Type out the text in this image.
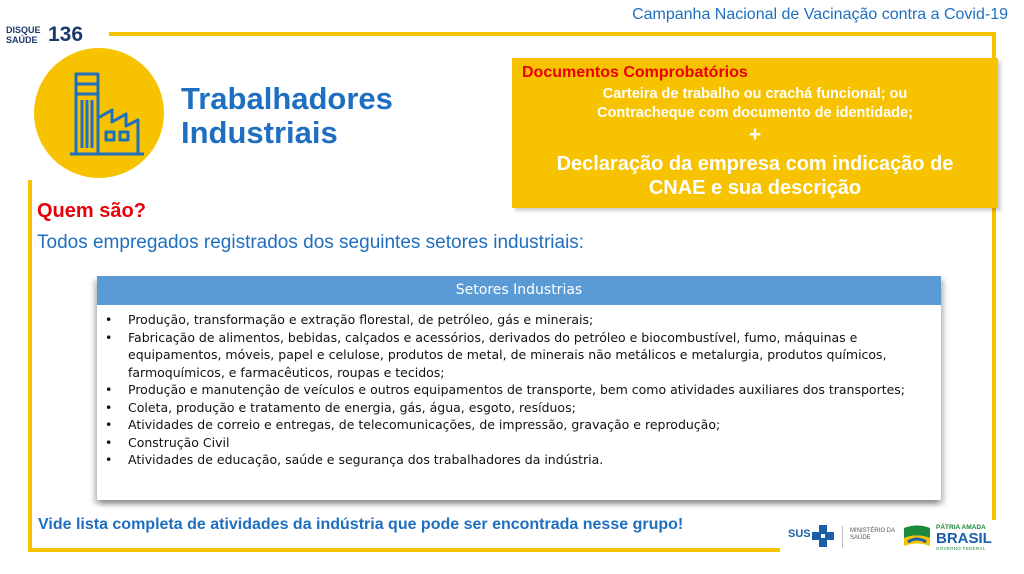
Campanha Nacional de Vacinação contra a Covid-19
DISQUE
SAÚDE 136
Trabalhadores
Industriais
Documentos Comprobatórios
Carteira de trabalho ou crachá funcional; ou
Contracheque com documento de identidade;
+
Declaração da empresa com indicação de
CNAE e sua descrição
Quem são?
Todos empregados registrados dos seguintes setores industriais:
Setores Industrias
• Produção, transformação e extração florestal, de petróleo, gás e minerais;
• Fabricação de alimentos, bebidas, calçados e acessórios, derivados do petróleo e biocombustível, fumo, máquinas e equipamentos, móveis, papel e celulose, produtos de metal, de minerais não metálicos e metalurgia, produtos químicos, farmoquímicos, e farmacêuticos, roupas e tecidos;
• Produção e manutenção de veículos e outros equipamentos de transporte, bem como atividades auxiliares dos transportes;
• Coleta, produção e tratamento de energia, gás, água, esgoto, resíduos;
• Atividades de correio e entregas, de telecomunicações, de impressão, gravação e reprodução;
• Construção Civil
• Atividades de educação, saúde e segurança dos trabalhadores da indústria.
Vide lista completa de atividades da indústria que pode ser encontrada nesse grupo!
SUS	MINISTÉRIO DA
SAÚDE
PÁTRIA AMADA
BRASIL
GOVERNO FEDERAL
